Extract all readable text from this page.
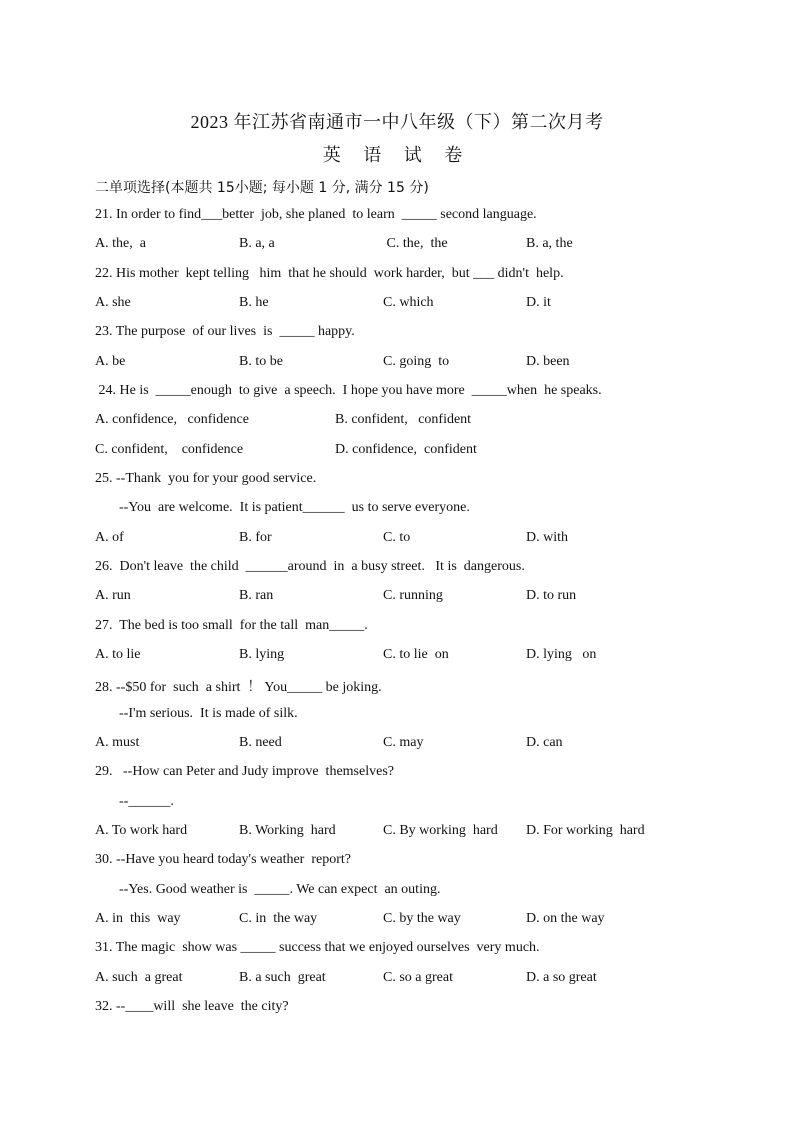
2023 年江苏省南通市一中八年级（下）第二次月考
英 语 试 卷
二单项选择(本题共 15小题; 每小题 1 分, 满分 15 分)
21. In order to find___better  job, she planed  to learn  _____ second language.
A. the,  a	B. a, a	C. the,  the	B. a, the
22. His mother  kept telling   him  that he should  work harder,  but ___ didn't  help.
A. she	B. he	C. which	D. it
23. The purpose  of our lives  is  _____ happy.
A. be	B. to be	C. going  to	D. been
24. He is  _____enough  to give  a speech.  I hope you have more  _____when  he speaks.
A. confidence,   confidence	B. confident,   confident
C. confident,    confidence	D. confidence,  confident
25. --Thank  you for your good service.
--You  are welcome.  It is patient______  us to serve everyone.
A. of	B. for	C. to	D. with
26.  Don't leave  the child  ______around  in  a busy street.   It is  dangerous.
A. run	B. ran	C. running	D. to run
27.  The bed is too small  for the tall  man_____.
A. to lie	B. lying	C. to lie  on	D. lying   on
28. --$50 for  such  a shirt  ！ You_____ be joking.
--I'm serious.  It is made of silk.
A. must	B. need	C. may	D. can
29.   --How can Peter and Judy improve  themselves?
--______.
A. To work hard	B. Working  hard	C. By working  hard D. For working  hard
30. --Have you heard today's weather  report?
--Yes. Good weather is  _____. We can expect  an outing.
A. in  this  way	C. in  the way	C. by the way	D. on the way
31. The magic  show was _____ success that we enjoyed ourselves  very much.
A. such  a great	B. a such  great	C. so a great	D. a so great
32. --____will  she leave  the city?
